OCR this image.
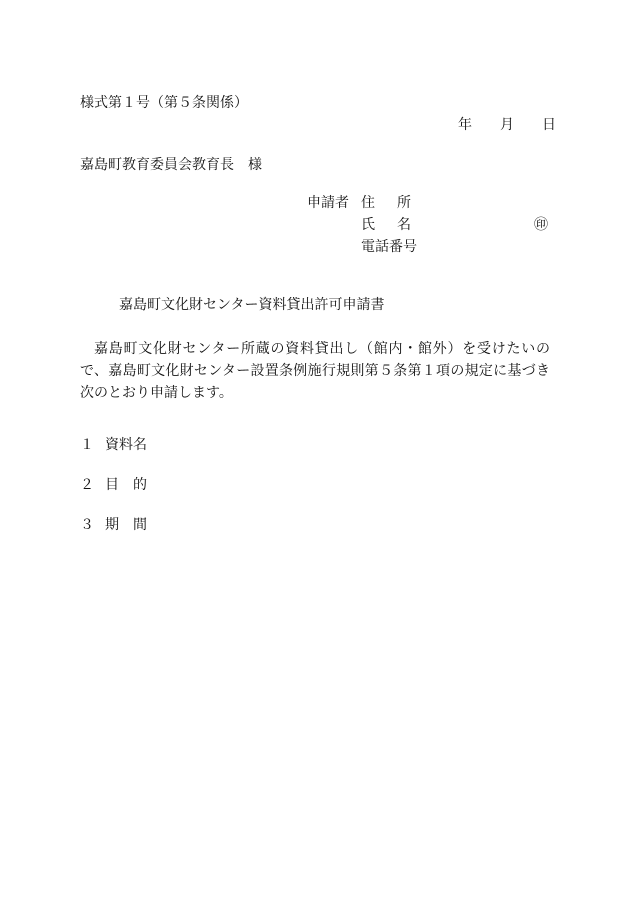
様式第１号（第５条関係）
年 月 日
嘉島町教育委員会教育長　様
申請者 住 所
氏 名	㊞
電話番号
嘉島町文化財センター資料貸出許可申請書

嘉島町文化財センター所蔵の資料貸出し（館内・館外）を受けたいので、嘉島町文化財センター設置条例施行規則第５条第１項の規定に基づき次のとおり申請します。

１ 資料名
２ 目 的
３ 期 間
